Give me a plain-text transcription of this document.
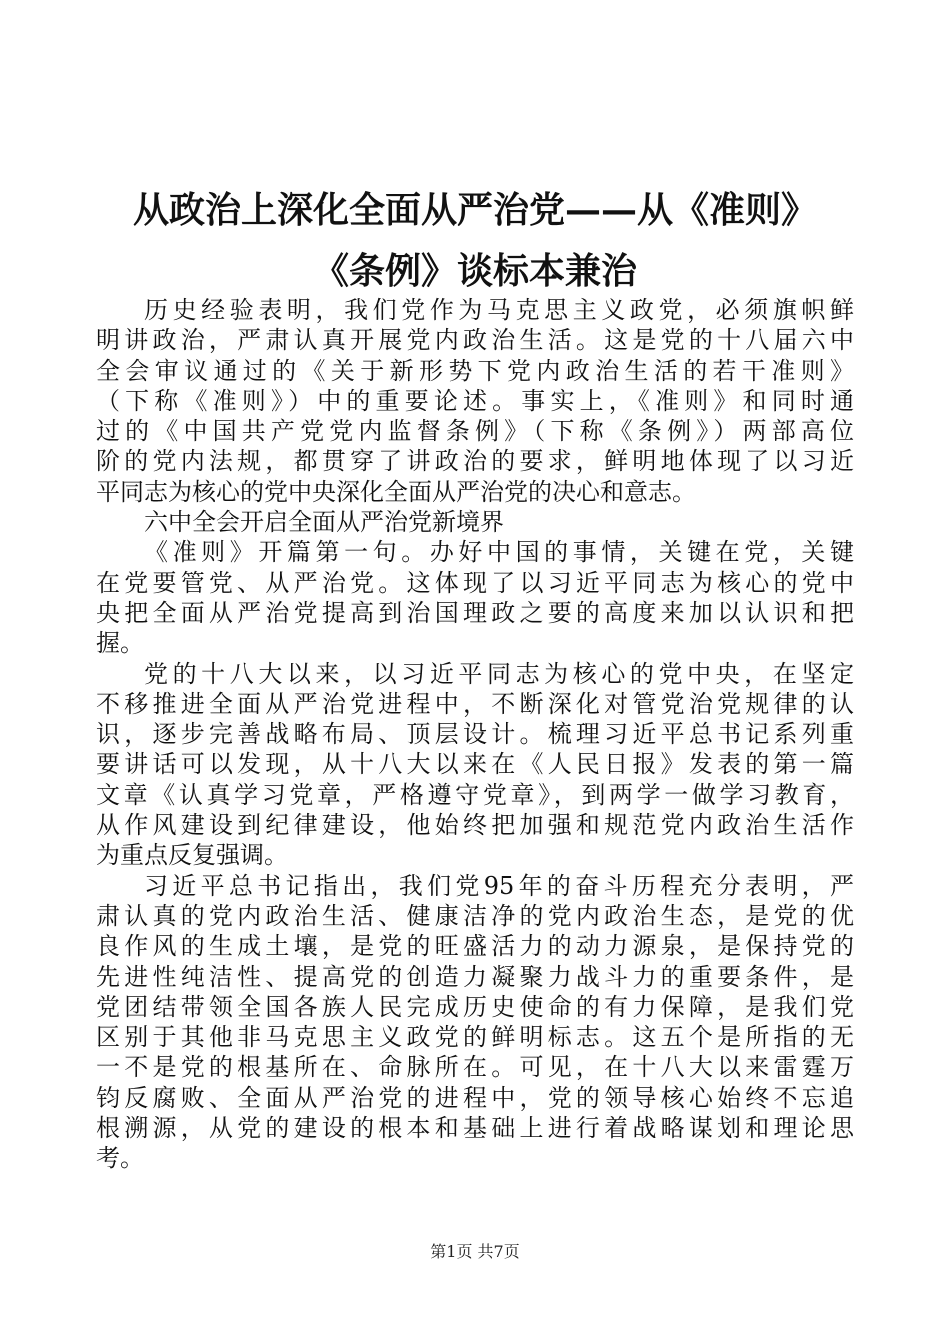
从政治上深化全面从严治党——从《准则》
《条例》谈标本兼治

历史经验表明，我们党作为马克思主义政党，必须旗帜鲜
明讲政治，严肃认真开展党内政治生活。这是党的十八届六中
全会审议通过的《关于新形势下党内政治生活的若干准则》
（下称《准则》）中的重要论述。事实上，《准则》和同时通
过的《中国共产党党内监督条例》（下称《条例》）两部高位
阶的党内法规，都贯穿了讲政治的要求，鲜明地体现了以习近
平同志为核心的党中央深化全面从严治党的决心和意志。

六中全会开启全面从严治党新境界

《准则》开篇第一句。办好中国的事情，关键在党，关键
在党要管党、从严治党。这体现了以习近平同志为核心的党中
央把全面从严治党提高到治国理政之要的高度来加以认识和把
握。

党的十八大以来，以习近平同志为核心的党中央，在坚定
不移推进全面从严治党进程中，不断深化对管党治党规律的认
识，逐步完善战略布局、顶层设计。梳理习近平总书记系列重
要讲话可以发现，从十八大以来在《人民日报》发表的第一篇
文章《认真学习党章，严格遵守党章》，到两学一做学习教育，
从作风建设到纪律建设，他始终把加强和规范党内政治生活作
为重点反复强调。

习近平总书记指出，我们党95年的奋斗历程充分表明，严
肃认真的党内政治生活、健康洁净的党内政治生态，是党的优
良作风的生成土壤，是党的旺盛活力的动力源泉，是保持党的
先进性纯洁性、提高党的创造力凝聚力战斗力的重要条件，是
党团结带领全国各族人民完成历史使命的有力保障，是我们党
区别于其他非马克思主义政党的鲜明标志。这五个是所指的无
一不是党的根基所在、命脉所在。可见，在十八大以来雷霆万
钧反腐败、全面从严治党的进程中，党的领导核心始终不忘追
根溯源，从党的建设的根本和基础上进行着战略谋划和理论思
考。

第1页 共7页
